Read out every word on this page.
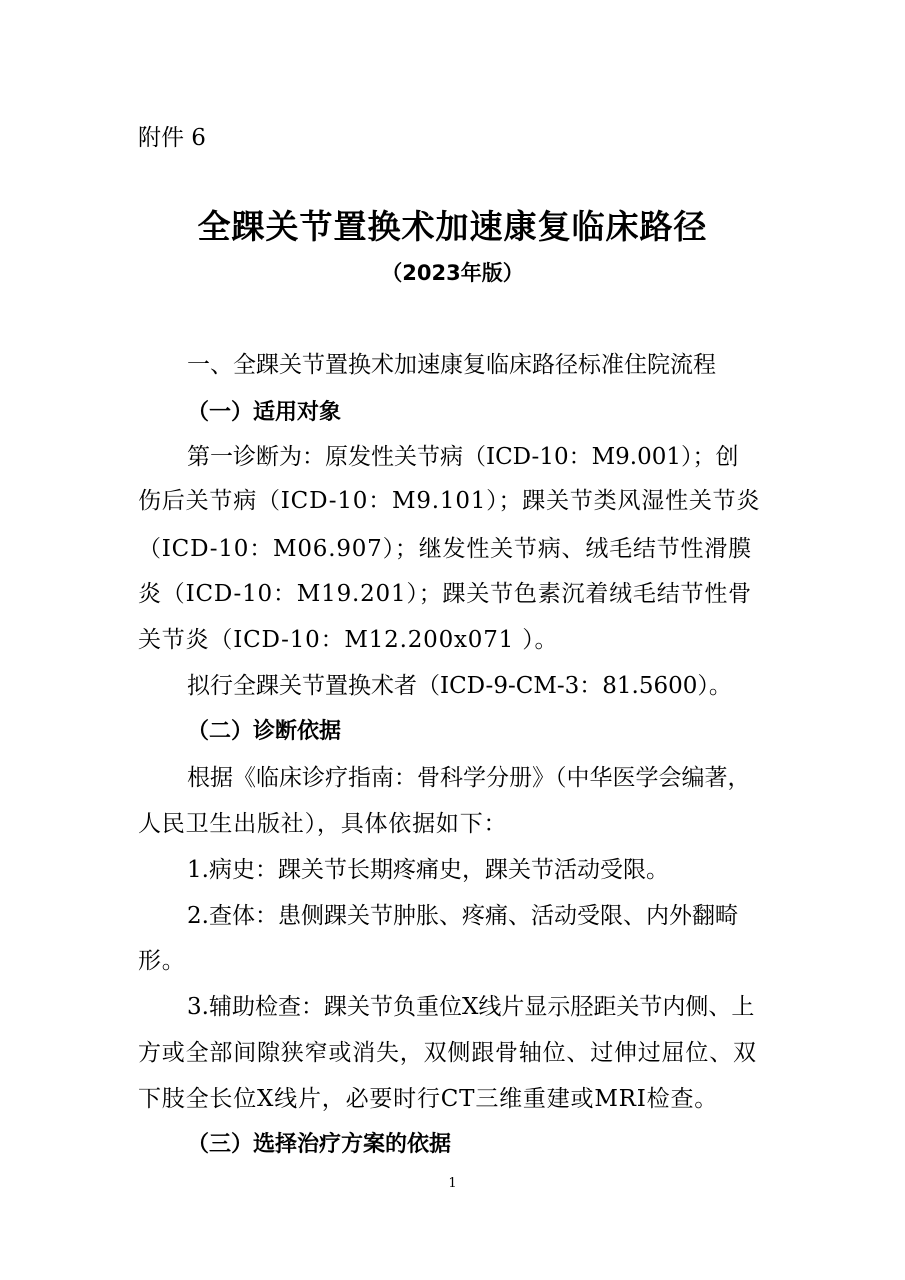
附件 6
全踝关节置换术加速康复临床路径
（2023年版）
一、全踝关节置换术加速康复临床路径标准住院流程
（一）适用对象
第一诊断为：原发性关节病（ICD-10：M9.001）；创
伤后关节病（ICD-10：M9.101）；踝关节类风湿性关节炎
（ICD-10：M06.907）；继发性关节病、绒毛结节性滑膜
炎（ICD-10：M19.201）；踝关节色素沉着绒毛结节性骨
关节炎（ICD-10：M12.200x071 ）。
拟行全踝关节置换术者（ICD-9-CM-3：81.5600）。
（二）诊断依据
根据《临床诊疗指南：骨科学分册》（中华医学会编著，
人民卫生出版社），具体依据如下：
1.病史：踝关节长期疼痛史，踝关节活动受限。
2.查体：患侧踝关节肿胀、疼痛、活动受限、内外翻畸
形。
3.辅助检查：踝关节负重位X线片显示胫距关节内侧、上
方或全部间隙狭窄或消失，双侧跟骨轴位、过伸过屈位、双
下肢全长位X线片，必要时行CT三维重建或MRI检查。
（三）选择治疗方案的依据
1
